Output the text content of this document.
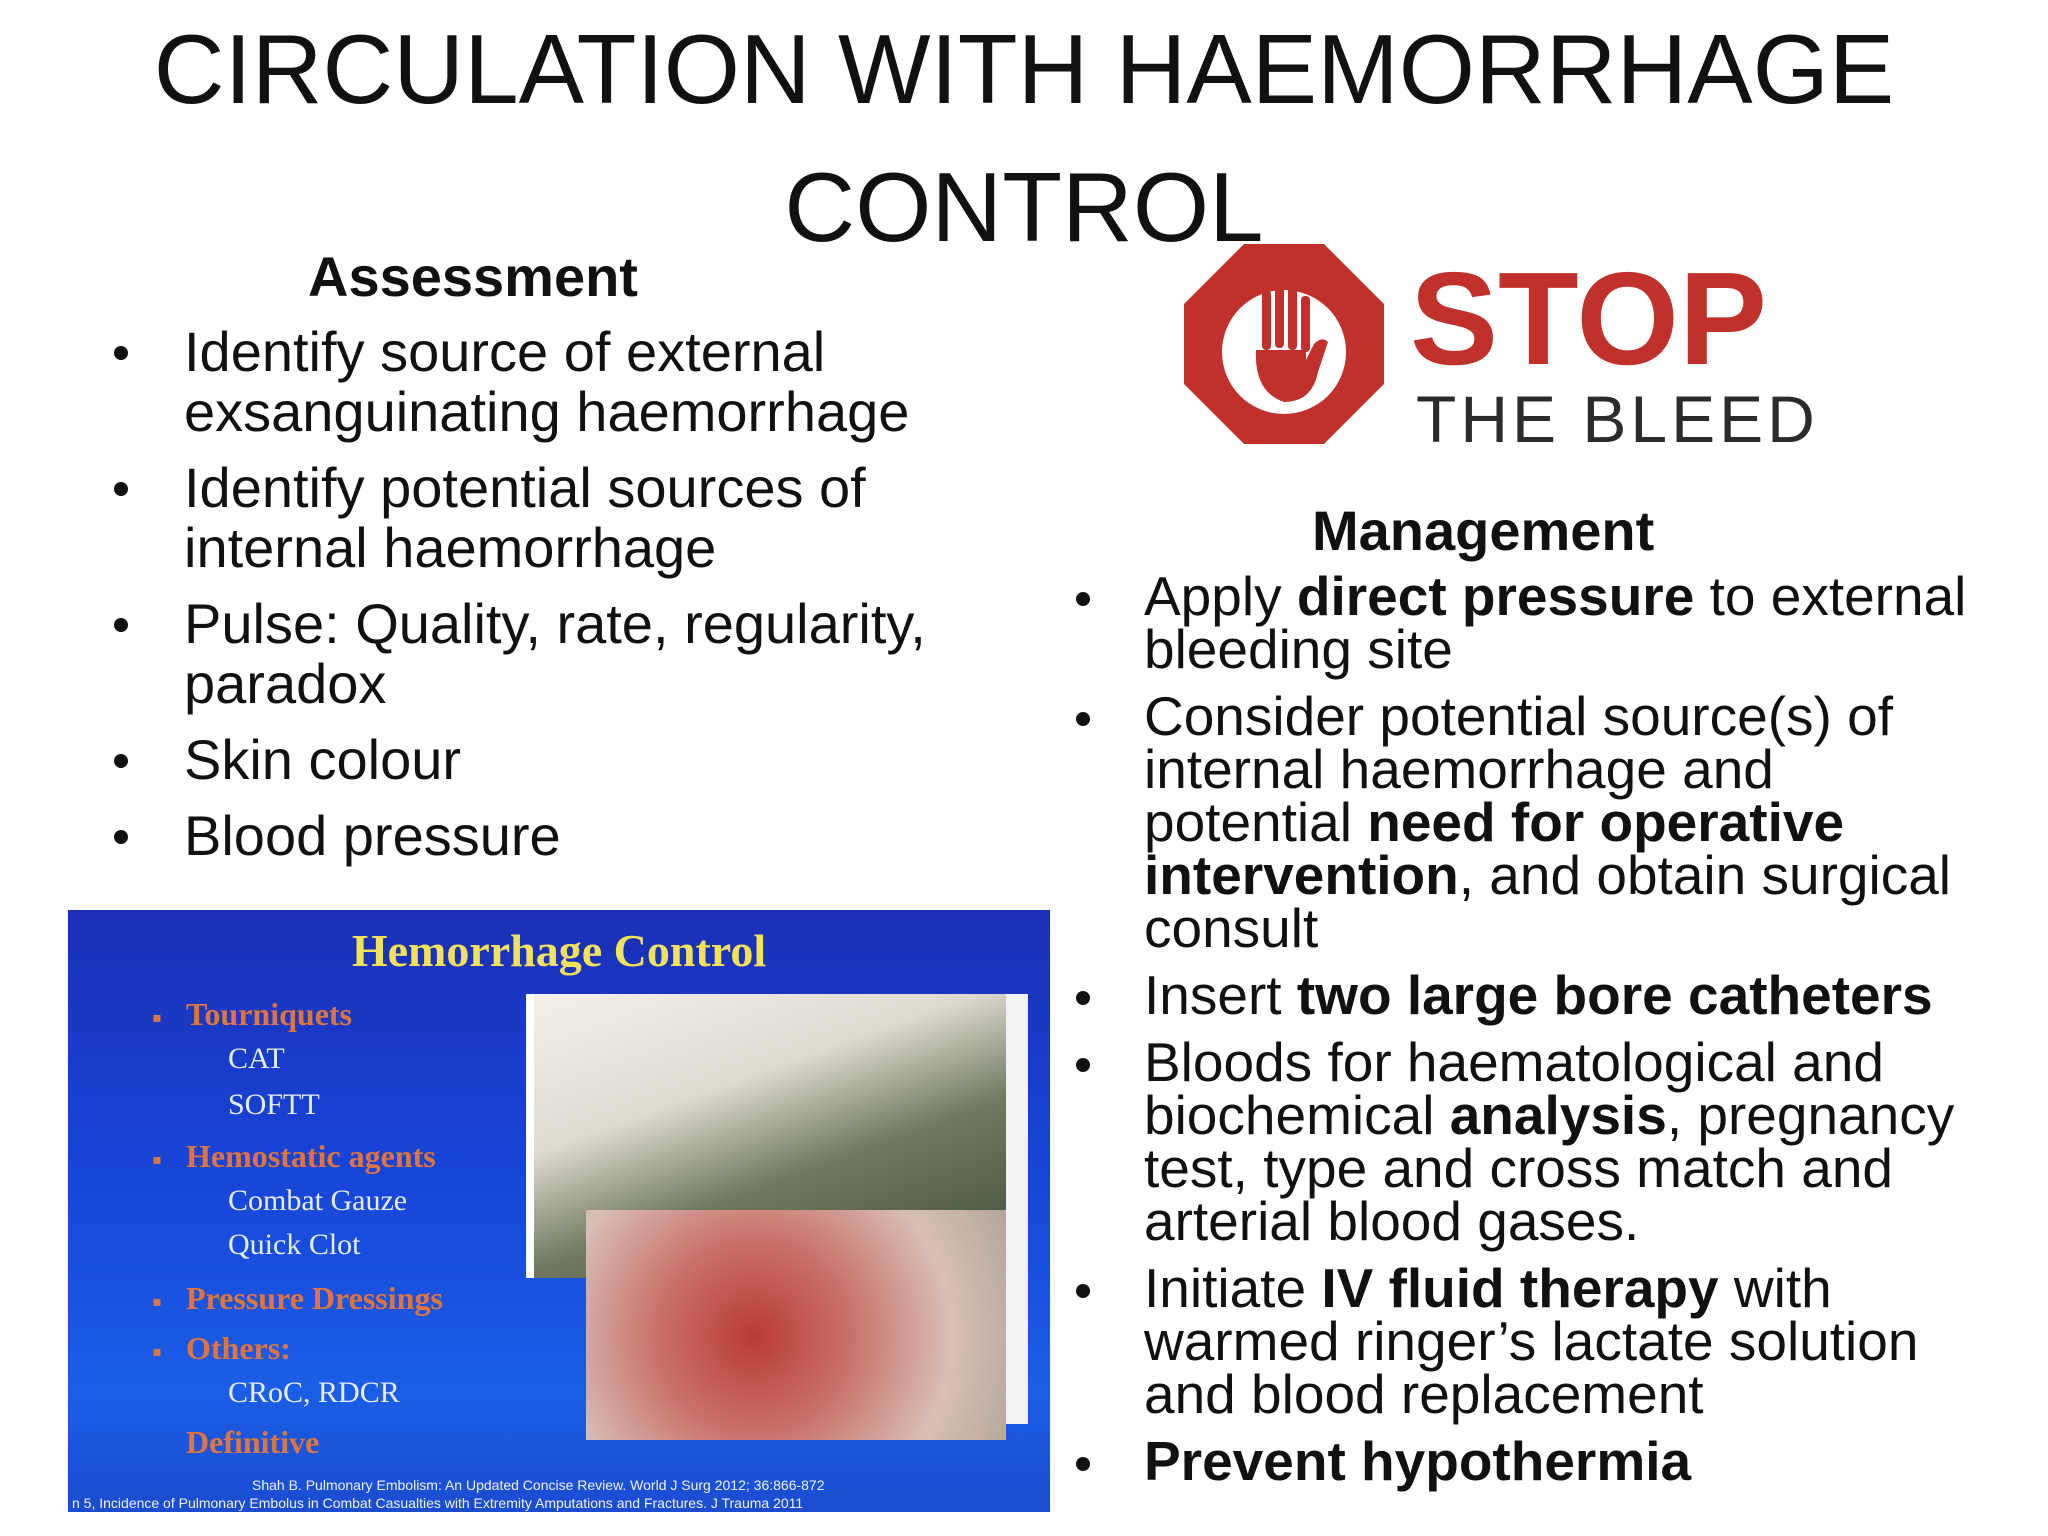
CIRCULATION WITH HAEMORRHAGE
CONTROL
Assessment
Identify source of external
exsanguinating haemorrhage
Identify potential sources of
internal haemorrhage
Pulse: Quality, rate, regularity,
paradox
Skin colour
Blood pressure
STOP
THE BLEED
Management
Apply direct pressure to external
bleeding site
Consider potential source(s) of
internal haemorrhage and
potential need for operative
intervention, and obtain surgical
consult
Insert two large bore catheters
Bloods for haematological and
biochemical analysis, pregnancy
test, type and cross match and
arterial blood gases.
Initiate IV fluid therapy with
warmed ringer’s lactate solution
and blood replacement
Prevent hypothermia
Hemorrhage Control
▪ Tourniquets
CAT
SOFTT
▪ Hemostatic agents
Combat Gauze
Quick Clot
▪ Pressure Dressings
▪ Others:
CRoC, RDCR
Definitive
Shah B. Pulmonary Embolism: An Updated Concise Review. World J Surg 2012; 36:866-872
n 5, Incidence of Pulmonary Embolus in Combat Casualties with Extremity Amputations and Fractures. J Trauma 2011
